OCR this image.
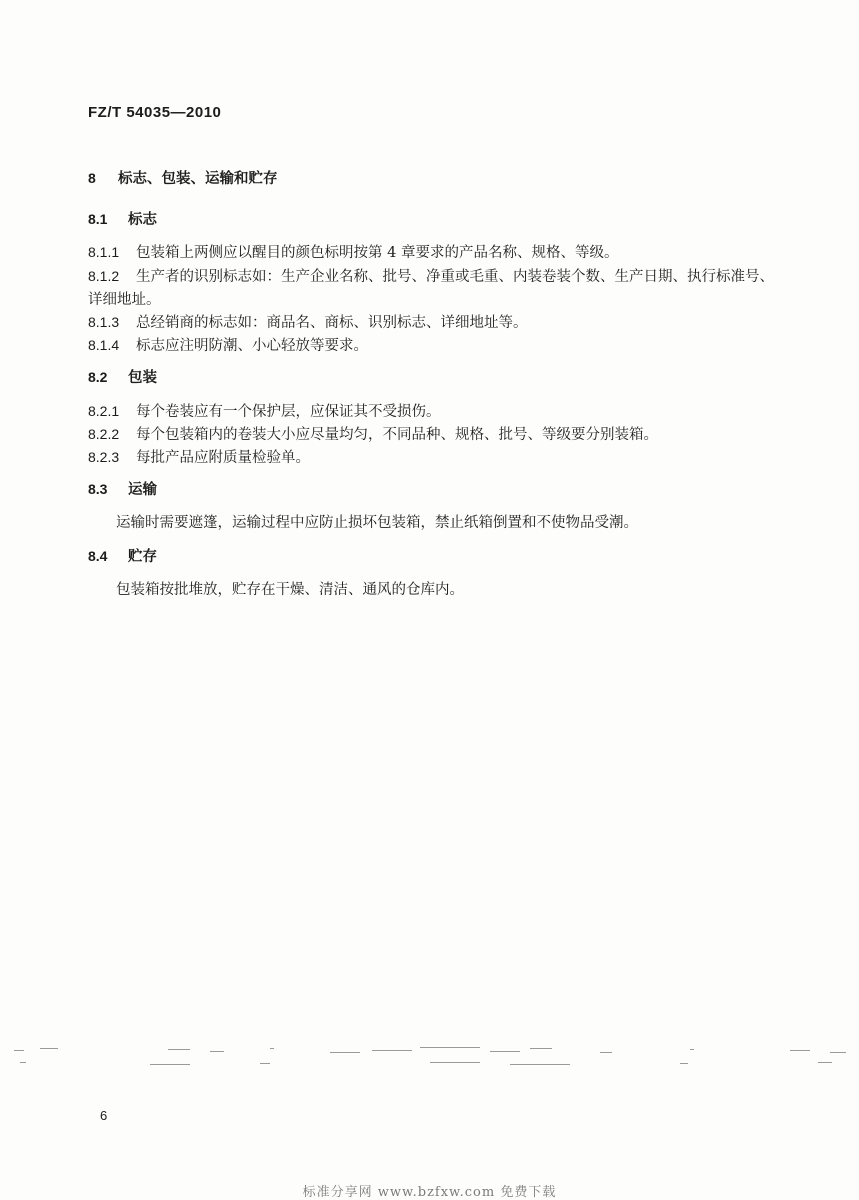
FZ/T 54035—2010
8 标志、包装、运输和贮存
8.1 标志
8.1.1 包装箱上两侧应以醒目的颜色标明按第 4 章要求的产品名称、规格、等级。
8.1.2 生产者的识别标志如：生产企业名称、批号、净重或毛重、内装卷装个数、生产日期、执行标准号、
详细地址。
8.1.3 总经销商的标志如：商品名、商标、识别标志、详细地址等。
8.1.4 标志应注明防潮、小心轻放等要求。
8.2 包装
8.2.1 每个卷装应有一个保护层，应保证其不受损伤。
8.2.2 每个包装箱内的卷装大小应尽量均匀，不同品种、规格、批号、等级要分别装箱。
8.2.3 每批产品应附质量检验单。
8.3 运输
运输时需要遮篷，运输过程中应防止损坏包装箱，禁止纸箱倒置和不使物品受潮。
8.4 贮存
包装箱按批堆放，贮存在干燥、清洁、通风的仓库内。
6
标准分享网 www.bzfxw.com 免费下载
